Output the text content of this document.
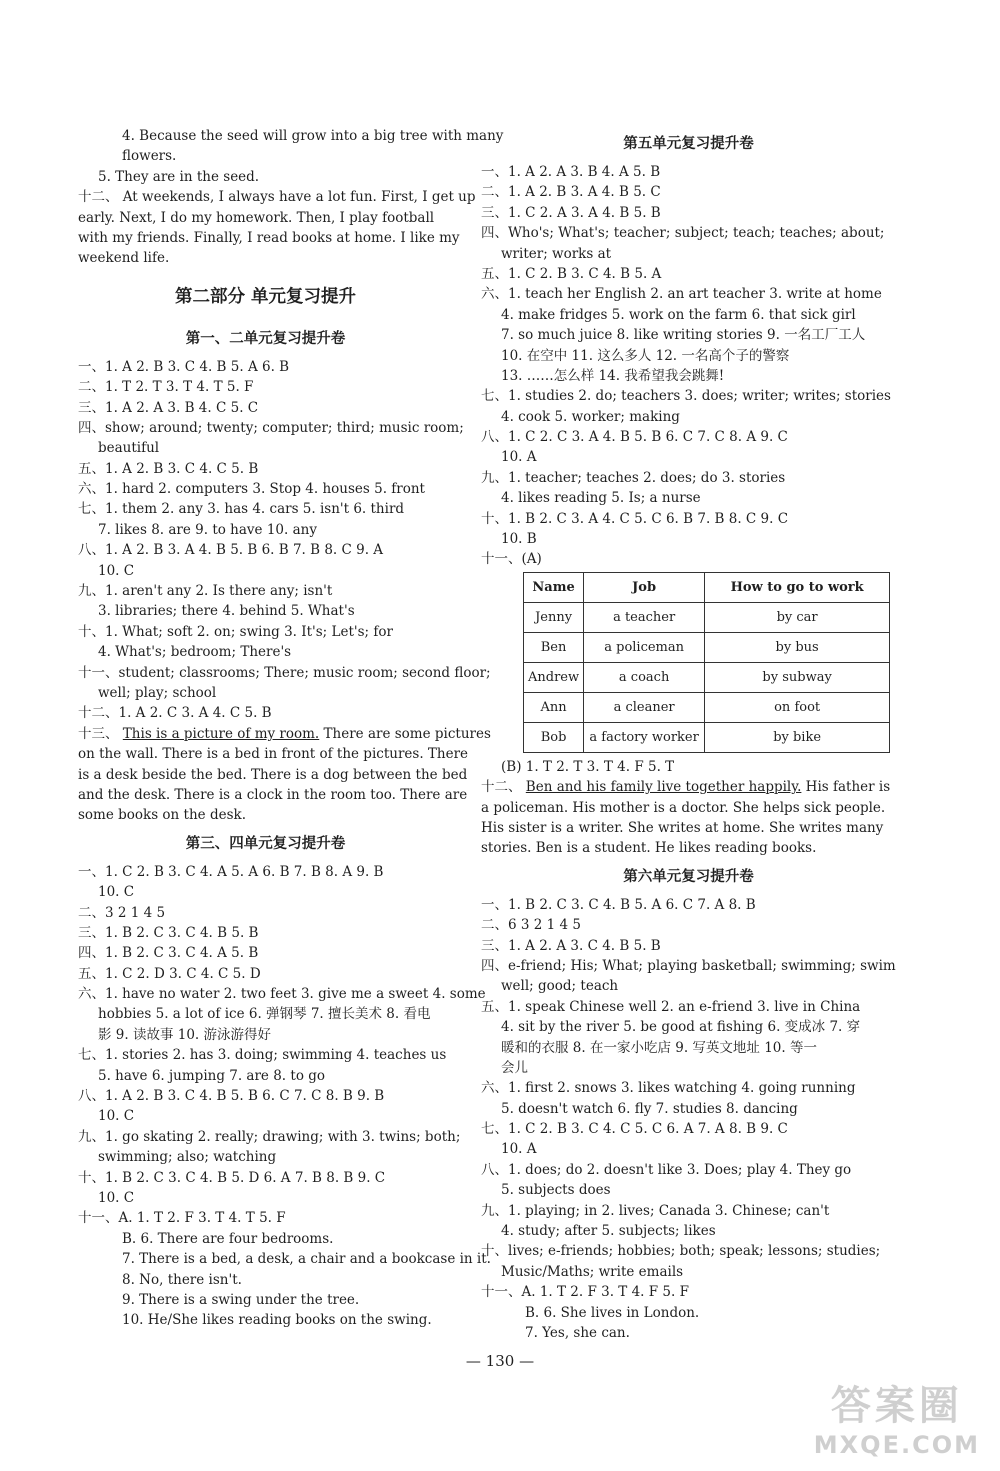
4. Because the seed will grow into a big tree with many
flowers.
5. They are in the seed.
十二、 At weekends, I always have a lot fun. First, I get up
early. Next, I do my homework. Then, I play football
with my friends. Finally, I read books at home. I like my
weekend life.
第二部分 单元复习提升
第一、二单元复习提升卷
一、1. A 2. B 3. C 4. B 5. A 6. B
二、1. T 2. T 3. T 4. T 5. F
三、1. A 2. A 3. B 4. C 5. C
四、show; around; twenty; computer; third; music room;
beautiful
五、1. A 2. B 3. C 4. C 5. B
六、1. hard 2. computers 3. Stop 4. houses 5. front
七、1. them 2. any 3. has 4. cars 5. isn't 6. third
7. likes 8. are 9. to have 10. any
八、1. A 2. B 3. A 4. B 5. B 6. B 7. B 8. C 9. A
10. C
九、1. aren't any 2. Is there any; isn't
3. libraries; there 4. behind 5. What's
十、1. What; soft 2. on; swing 3. It's; Let's; for
4. What's; bedroom; There's
十一、student; classrooms; There; music room; second floor;
well; play; school
十二、1. A 2. C 3. A 4. C 5. B
十三、 This is a picture of my room. There are some pictures
on the wall. There is a bed in front of the pictures. There
is a desk beside the bed. There is a dog between the bed
and the desk. There is a clock in the room too. There are
some books on the desk.
第三、四单元复习提升卷
一、1. C 2. B 3. C 4. A 5. A 6. B 7. B 8. A 9. B
10. C
二、3 2 1 4 5
三、1. B 2. C 3. C 4. B 5. B
四、1. B 2. C 3. C 4. A 5. B
五、1. C 2. D 3. C 4. C 5. D
六、1. have no water 2. two feet 3. give me a sweet 4. some
hobbies 5. a lot of ice 6. 弹钢琴 7. 擅长美术 8. 看电
影 9. 读故事 10. 游泳游得好
七、1. stories 2. has 3. doing; swimming 4. teaches us
5. have 6. jumping 7. are 8. to go
八、1. A 2. B 3. C 4. B 5. B 6. C 7. C 8. B 9. B
10. C
九、1. go skating 2. really; drawing; with 3. twins; both;
swimming; also; watching
十、1. B 2. C 3. C 4. B 5. D 6. A 7. B 8. B 9. C
10. C
十一、A. 1. T 2. F 3. T 4. T 5. F
B. 6. There are four bedrooms.
7. There is a bed, a desk, a chair and a bookcase in it.
8. No, there isn't.
9. There is a swing under the tree.
10. He/She likes reading books on the swing.
第五单元复习提升卷
一、1. A 2. A 3. B 4. A 5. B
二、1. A 2. B 3. A 4. B 5. C
三、1. C 2. A 3. A 4. B 5. B
四、Who's; What's; teacher; subject; teach; teaches; about;
writer; works at
五、1. C 2. B 3. C 4. B 5. A
六、1. teach her English 2. an art teacher 3. write at home
4. make fridges 5. work on the farm 6. that sick girl
7. so much juice 8. like writing stories 9. 一名工厂工人
10. 在空中 11. 这么多人 12. 一名高个子的警察
13. ……怎么样 14. 我希望我会跳舞!
七、1. studies 2. do; teachers 3. does; writer; writes; stories
4. cook 5. worker; making
八、1. C 2. C 3. A 4. B 5. B 6. C 7. C 8. A 9. C
10. A
九、1. teacher; teaches 2. does; do 3. stories
4. likes reading 5. Is; a nurse
十、1. B 2. C 3. A 4. C 5. C 6. B 7. B 8. C 9. C
10. B
十一、(A)
Name	Job	How to go to work
Jenny	a teacher	by car
Ben	a policeman	by bus
Andrew	a coach	by subway
Ann	a cleaner	on foot
Bob	a factory worker	by bike
(B) 1. T 2. T 3. T 4. F 5. T
十二、 Ben and his family live together happily. His father is
a policeman. His mother is a doctor. She helps sick people.
His sister is a writer. She writes at home. She writes many
stories. Ben is a student. He likes reading books.
第六单元复习提升卷
一、1. B 2. C 3. C 4. B 5. A 6. C 7. A 8. B
二、6 3 2 1 4 5
三、1. A 2. A 3. C 4. B 5. B
四、e-friend; His; What; playing basketball; swimming; swim
well; good; teach
五、1. speak Chinese well 2. an e-friend 3. live in China
4. sit by the river 5. be good at fishing 6. 变成冰 7. 穿
暖和的衣服 8. 在一家小吃店 9. 写英文地址 10. 等一
会儿
六、1. first 2. snows 3. likes watching 4. going running
5. doesn't watch 6. fly 7. studies 8. dancing
七、1. C 2. B 3. C 4. C 5. C 6. A 7. A 8. B 9. C
10. A
八、1. does; do 2. doesn't like 3. Does; play 4. They go
5. subjects does
九、1. playing; in 2. lives; Canada 3. Chinese; can't
4. study; after 5. subjects; likes
十、lives; e-friends; hobbies; both; speak; lessons; studies;
Music/Maths; write emails
十一、A. 1. T 2. F 3. T 4. F 5. F
B. 6. She lives in London.
7. Yes, she can.
— 130 —
答案圈
MXQE.COM
